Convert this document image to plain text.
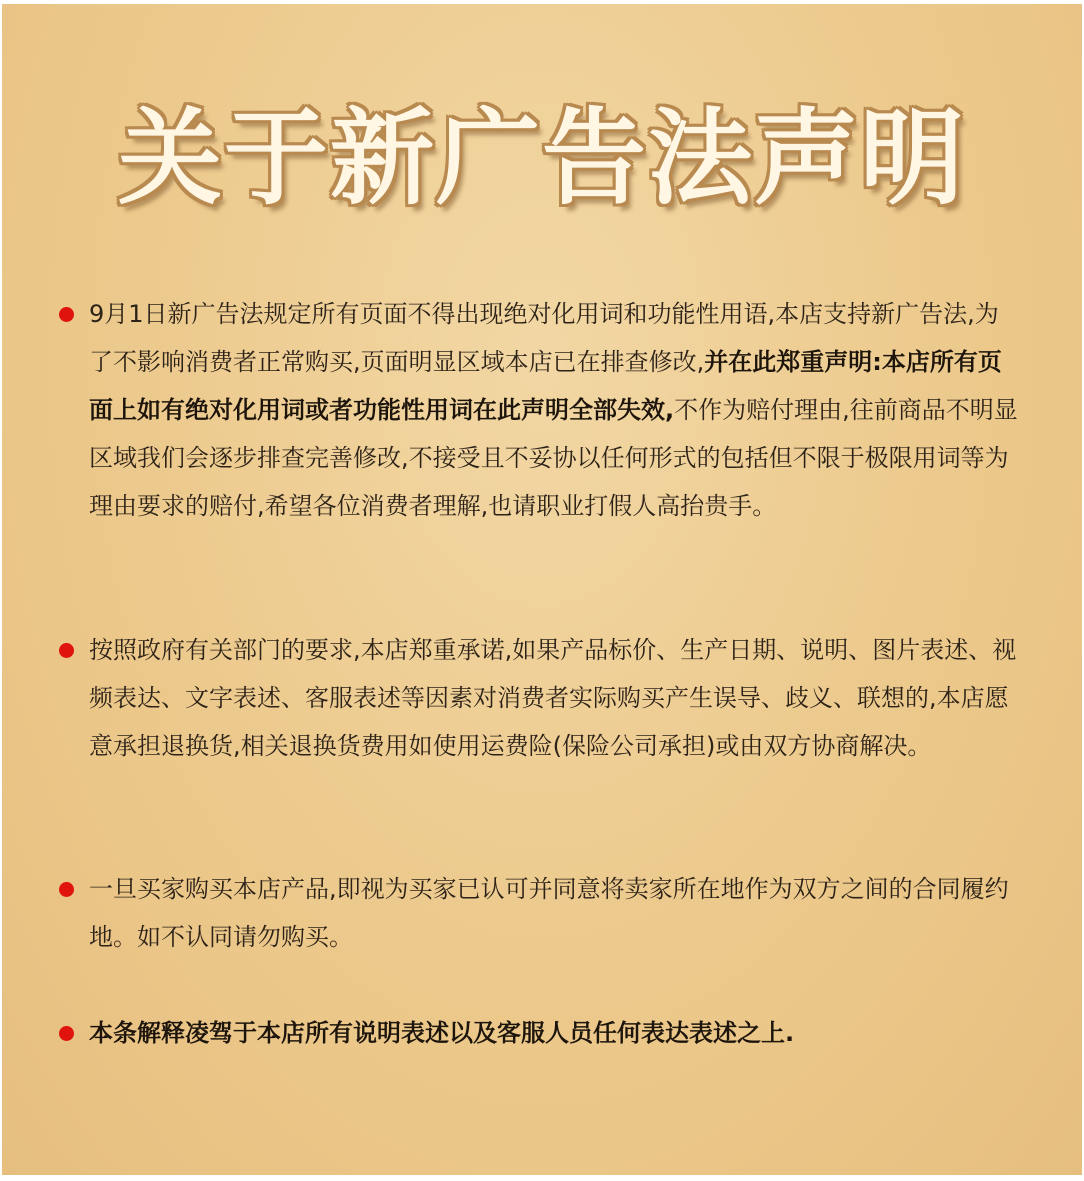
关于新广告法声明
9月1日新广告法规定所有页面不得出现绝对化用词和功能性用语,本店支持新广告法,为了不影响消费者正常购买,页面明显区域本店已在排查修改,并在此郑重声明:本店所有页面上如有绝对化用词或者功能性用词在此声明全部失效,不作为赔付理由,往前商品不明显区域我们会逐步排查完善修改,不接受且不妥协以任何形式的包括但不限于极限用词等为理由要求的赔付,希望各位消费者理解,也请职业打假人高抬贵手。
按照政府有关部门的要求,本店郑重承诺,如果产品标价、生产日期、说明、图片表述、视频表达、文字表述、客服表述等因素对消费者实际购买产生误导、歧义、联想的,本店愿意承担退换货,相关退换货费用如使用运费险(保险公司承担)或由双方协商解决。
一旦买家购买本店产品,即视为买家已认可并同意将卖家所在地作为双方之间的合同履约地。如不认同请勿购买。
本条解释凌驾于本店所有说明表述以及客服人员任何表达表述之上.
